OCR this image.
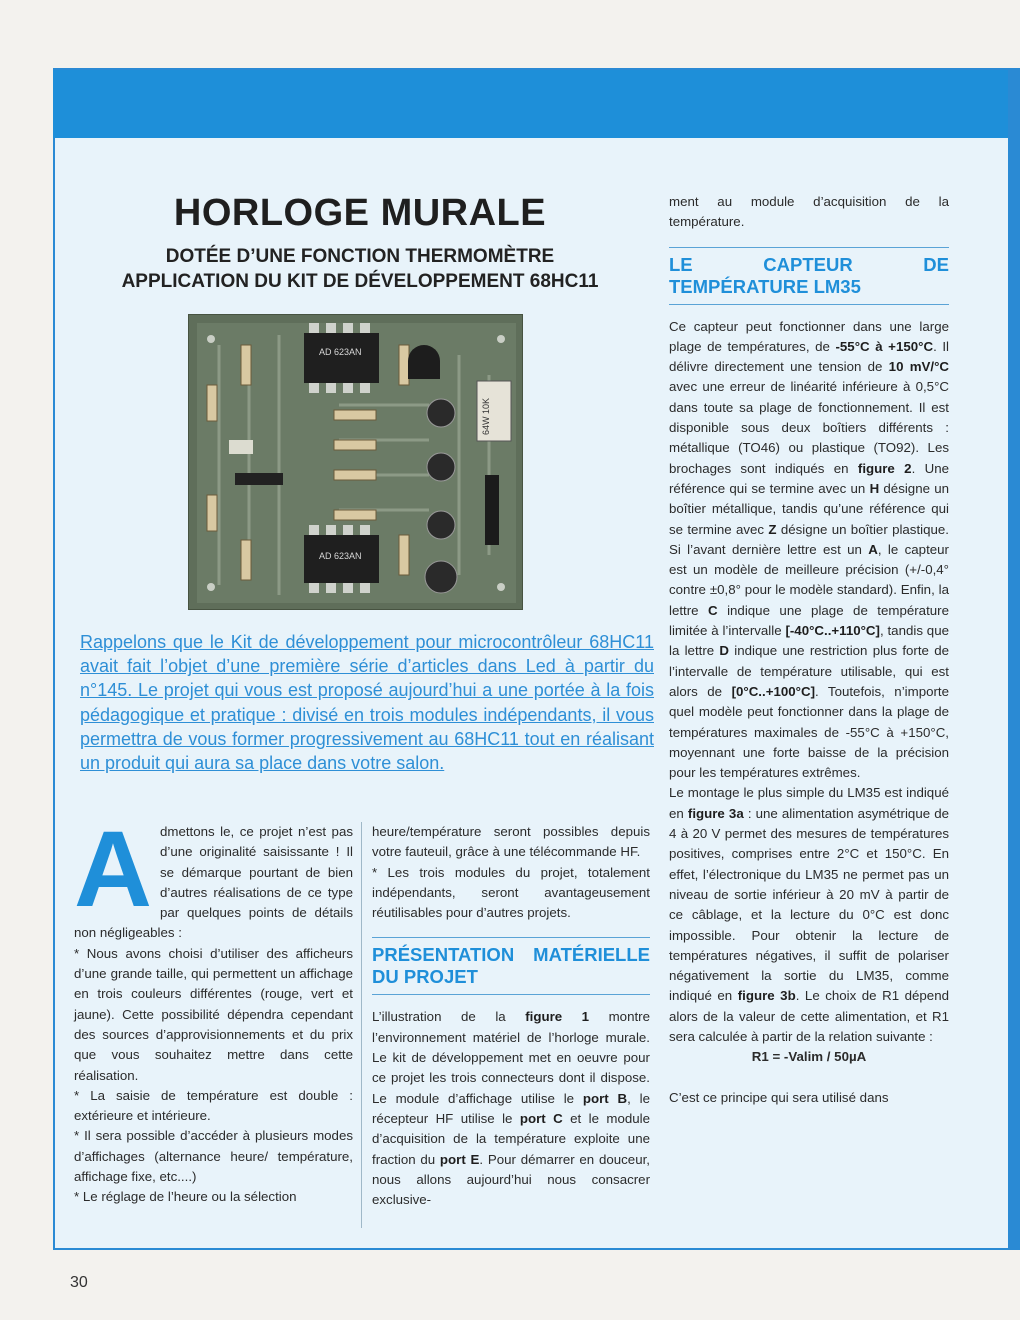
HORLOGE MURALE
DOTÉE D’UNE FONCTION THERMOMÈTRE
APPLICATION DU KIT DE DÉVELOPPEMENT 68HC11
AD 623AN
AD 623AN
64W 10K

Rappelons que le Kit de développement pour microcontrôleur 68HC11 avait fait l’objet d’une première série d’articles dans Led à partir du n°145. Le projet qui vous est proposé aujourd’hui a une portée à la fois pédagogique et pratique : divisé en trois modules indépendants, il vous permettra de vous former progressivement au 68HC11 tout en réalisant un produit qui aura sa place dans votre salon.

A dmettons le, ce projet n’est pas d’une originalité saisissante ! Il se démarque pourtant de bien d’autres réalisations de ce type par quelques points de détails non négligeables :

* Nous avons choisi d’utiliser des afficheurs d’une grande taille, qui permettent un affichage en trois couleurs différentes (rouge, vert et jaune). Cette possibilité dépendra cependant des sources d’approvisionnements et du prix que vous souhaitez mettre dans cette réalisation.

* La saisie de température est double : extérieure et intérieure.

* Il sera possible d’accéder à plusieurs modes d’affichages (alternance heure/ température, affichage fixe, etc....)

* Le réglage de l’heure ou la sélection

heure/température seront possibles depuis votre fauteuil, grâce à une télécommande HF.

* Les trois modules du projet, totalement indépendants, seront avantageusement réutilisables pour d’autres projets.

PRÉSENTATION MATÉRIELLE DU PROJET

L’illustration de la figure 1 montre l’environnement matériel de l’horloge murale. Le kit de développement met en oeuvre pour ce projet les trois connecteurs dont il dispose. Le module d’affichage utilise le port B, le récepteur HF utilise le port C et le module d’acquisition de la température exploite une fraction du port E. Pour démarrer en douceur, nous allons aujourd’hui nous consacrer exclusive-

ment au module d’acquisition de la température.

LE CAPTEUR DE TEMPÉRATURE LM35

Ce capteur peut fonctionner dans une large plage de températures, de -55°C à +150°C. Il délivre directement une tension de 10 mV/°C avec une erreur de linéarité inférieure à 0,5°C dans toute sa plage de fonctionnement. Il est disponible sous deux boîtiers différents : métallique (TO46) ou plastique (TO92). Les brochages sont indiqués en figure 2. Une référence qui se termine avec un H désigne un boîtier métallique, tandis qu’une référence qui se termine avec Z désigne un boîtier plastique. Si l’avant dernière lettre est un A, le capteur est un modèle de meilleure précision (+/-0,4° contre ±0,8° pour le modèle standard). Enfin, la lettre C indique une plage de température limitée à l’intervalle [-40°C..+110°C], tandis que la lettre D indique une restriction plus forte de l’intervalle de température utilisable, qui est alors de [0°C..+100°C]. Toutefois, n’importe quel modèle peut fonctionner dans la plage de températures maximales de -55°C à +150°C, moyennant une forte baisse de la précision pour les températures extrêmes.

Le montage le plus simple du LM35 est indiqué en figure 3a : une alimentation asymétrique de 4 à 20 V permet des mesures de températures positives, comprises entre 2°C et 150°C. En effet, l’électronique du LM35 ne permet pas un niveau de sortie inférieur à 20 mV à partir de ce câblage, et la lecture du 0°C est donc impossible. Pour obtenir la lecture de températures négatives, il suffit de polariser négativement la sortie du LM35, comme indiqué en figure 3b. Le choix de R1 dépend alors de la valeur de cette alimentation, et R1 sera calculée à partir de la relation suivante :

R1 = -Valim / 50µA

C’est ce principe qui sera utilisé dans

30
